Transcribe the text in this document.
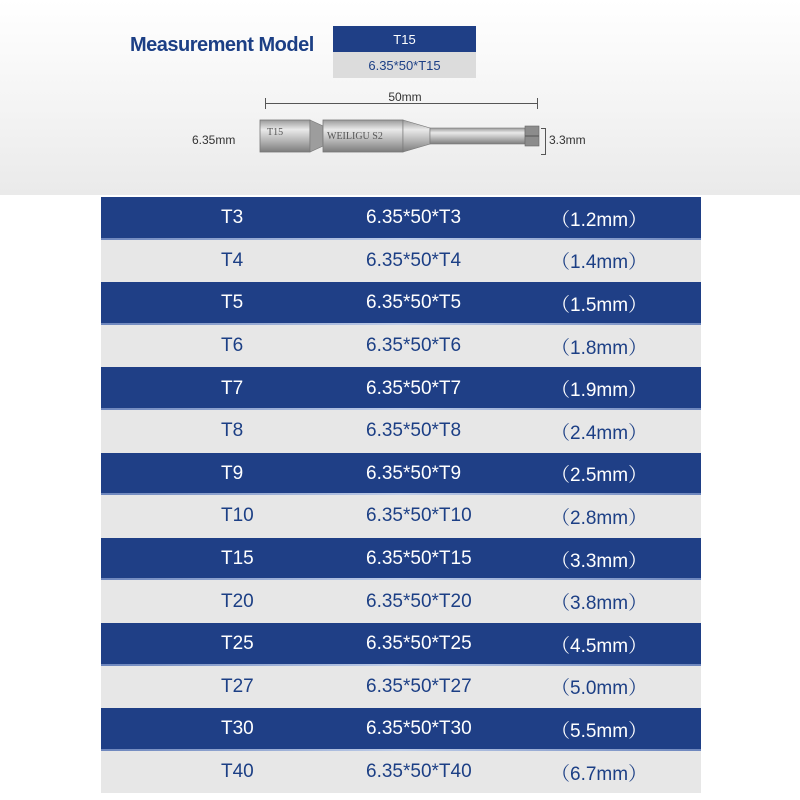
Measurement Model	T15
6.35*50*T15
50mm
6.35mm	3.3mm
T15	WEILIGU S2
T3	6.35*50*T3	（1.2mm）
T4	6.35*50*T4	（1.4mm）
T5	6.35*50*T5	（1.5mm）
T6	6.35*50*T6	（1.8mm）
T7	6.35*50*T7	（1.9mm）
T8	6.35*50*T8	（2.4mm）
T9	6.35*50*T9	（2.5mm）
T10	6.35*50*T10	（2.8mm）
T15	6.35*50*T15	（3.3mm）
T20	6.35*50*T20	（3.8mm）
T25	6.35*50*T25	（4.5mm）
T27	6.35*50*T27	（5.0mm）
T30	6.35*50*T30	（5.5mm）
T40	6.35*50*T40	（6.7mm）
